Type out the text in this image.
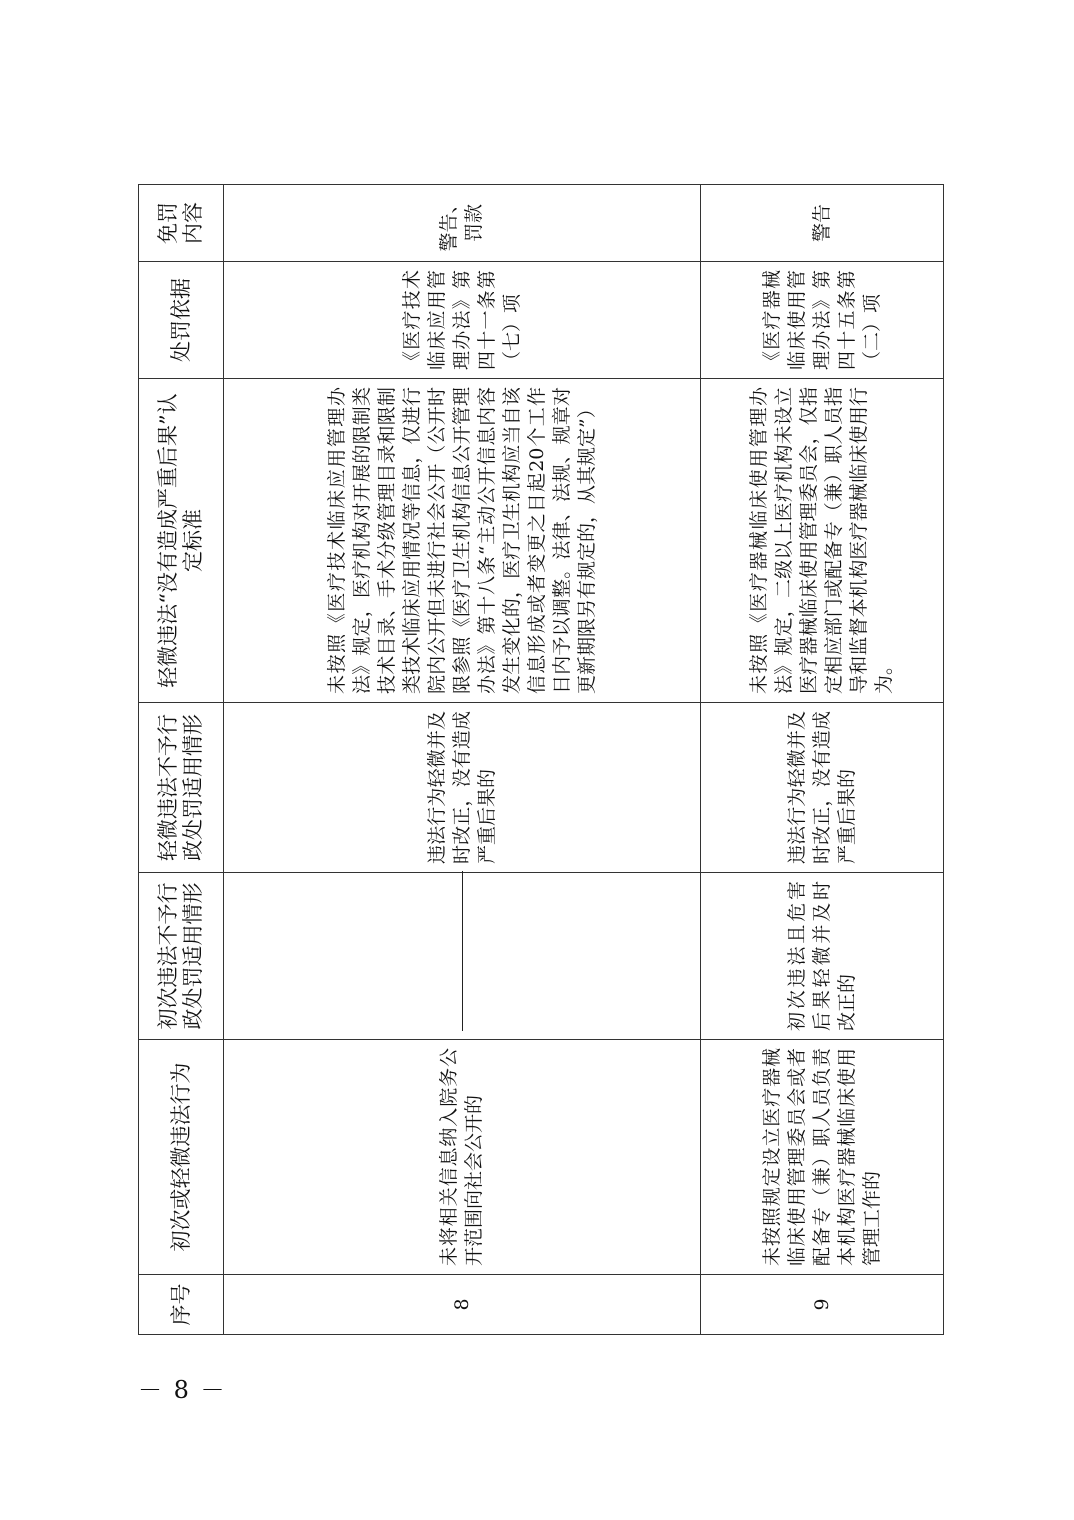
序号	初次或轻微违法行为	初次违法不予行政处罚适用情形	轻微违法不予行政处罚适用情形	轻微违法“没有造成严重后果”认定标准	处罚依据	免罚内容
8	未将相关信息纳入院务公开范围向社会公开的		违法行为轻微并及时改正，没有造成严重后果的	未按照《医疗技术临床应用管理办法》规定，医疗机构对开展的限制类技术目录、手术分级管理目录和限制类技术临床应用情况等信息，仅进行院内公开但未进行社会公开（公开时限参照《医疗卫生机构信息公开管理办法》第十八条“主动公开信息内容发生变化的，医疗卫生机构应当自该信息形成或者变更之日起20个工作日内予以调整。法律、法规、规章对更新期限另有规定的，从其规定”）	《医疗技术临床应用管理办法》第四十一条第（七）项	警告、罚款
9	未按照规定设立医疗器械临床使用管理委员会或者配备专（兼）职人员负责本机构医疗器械临床使用管理工作的	初次违法且危害后果轻微并及时改正的	违法行为轻微并及时改正，没有造成严重后果的	未按照《医疗器械临床使用管理办法》规定，二级以上医疗机构未设立医疗器械临床使用管理委员会，仅指定相应部门或配备专（兼）职人员指导和监督本机构医疗器械临床使用行为。	《医疗器械临床使用管理办法》第四十五条第（二）项	警告
－ 8 －
